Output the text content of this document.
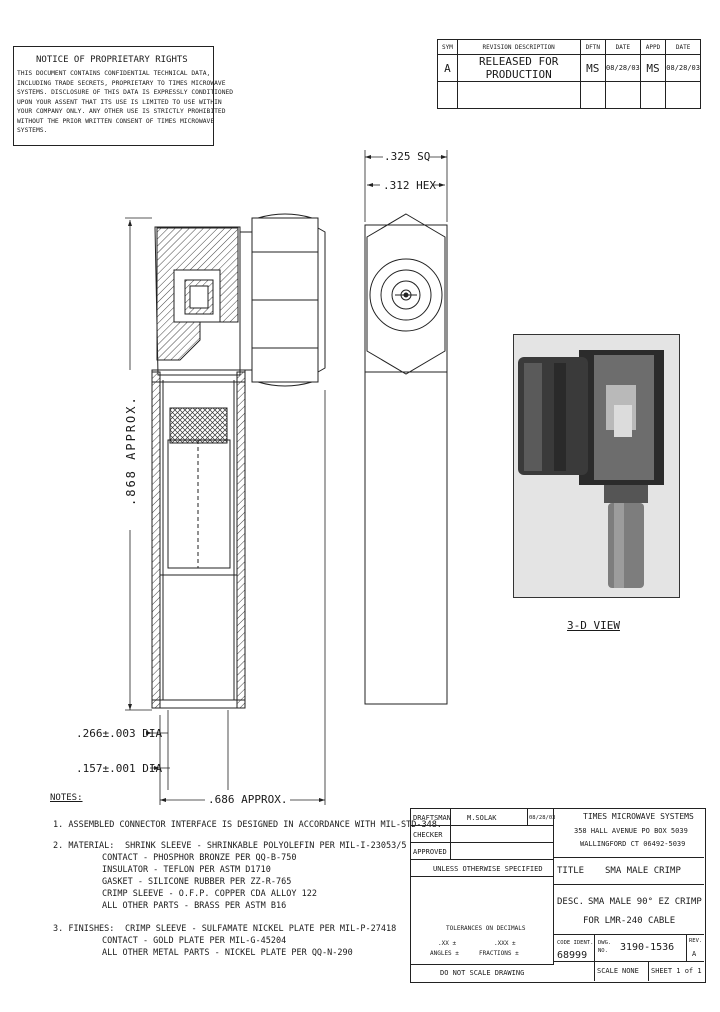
NOTICE OF PROPRIETARY RIGHTS
THIS DOCUMENT CONTAINS CONFIDENTIAL TECHNICAL DATA,
INCLUDING TRADE SECRETS, PROPRIETARY TO TIMES MICROWAVE
SYSTEMS. DISCLOSURE OF THIS DATA IS EXPRESSLY CONDITIONED
UPON YOUR ASSENT THAT ITS USE IS LIMITED TO USE WITHIN
YOUR COMPANY ONLY. ANY OTHER USE IS STRICTLY PROHIBITED
WITHOUT THE PRIOR WRITTEN CONSENT OF TIMES MICROWAVE
SYSTEMS.
SYM	REVISION DESCRIPTION	DFTN	DATE	APPD	DATE
A	RELEASED FOR PRODUCTION	MS	08/28/03	MS	08/28/03

.325 SQ
.312 HEX
.868 APPROX.
.266±.003 DIA
.157±.001 DIA
.686 APPROX.
3-D VIEW
NOTES:
1. ASSEMBLED CONNECTOR INTERFACE IS DESIGNED IN ACCORDANCE WITH MIL-STD-348.
2. MATERIAL: SHRINK SLEEVE - SHRINKABLE POLYOLEFIN PER MIL-I-23053/5
CONTACT - PHOSPHOR BRONZE PER QQ-B-750
INSULATOR - TEFLON PER ASTM D1710
GASKET - SILICONE RUBBER PER ZZ-R-765
CRIMP SLEEVE - O.F.P. COPPER CDA ALLOY 122
ALL OTHER PARTS - BRASS PER ASTM B16
3. FINISHES: CRIMP SLEEVE - SULFAMATE NICKEL PLATE PER MIL-P-27418
CONTACT - GOLD PLATE PER MIL-G-45204
ALL OTHER METAL PARTS - NICKEL PLATE PER QQ-N-290
DRAFTSMAN M.SOLAK	08/28/03
CHECKER
APPROVED
UNLESS OTHERWISE SPECIFIED
TOLERANCES ON DECIMALS
.XX ±	.XXX ±
ANGLES ±	FRACTIONS ±
DO NOT SCALE DRAWING
TIMES MICROWAVE SYSTEMS
358 HALL AVENUE PO BOX 5039
WALLINGFORD CT 06492-5039
TITLE SMA MALE CRIMP
DESC. SMA MALE 90° EZ CRIMP
FOR LMR-240 CABLE
CODE IDENT.
68999
DWG. NO.	3190-1536
REV.
A
SCALE NONE SHEET 1 of 1
